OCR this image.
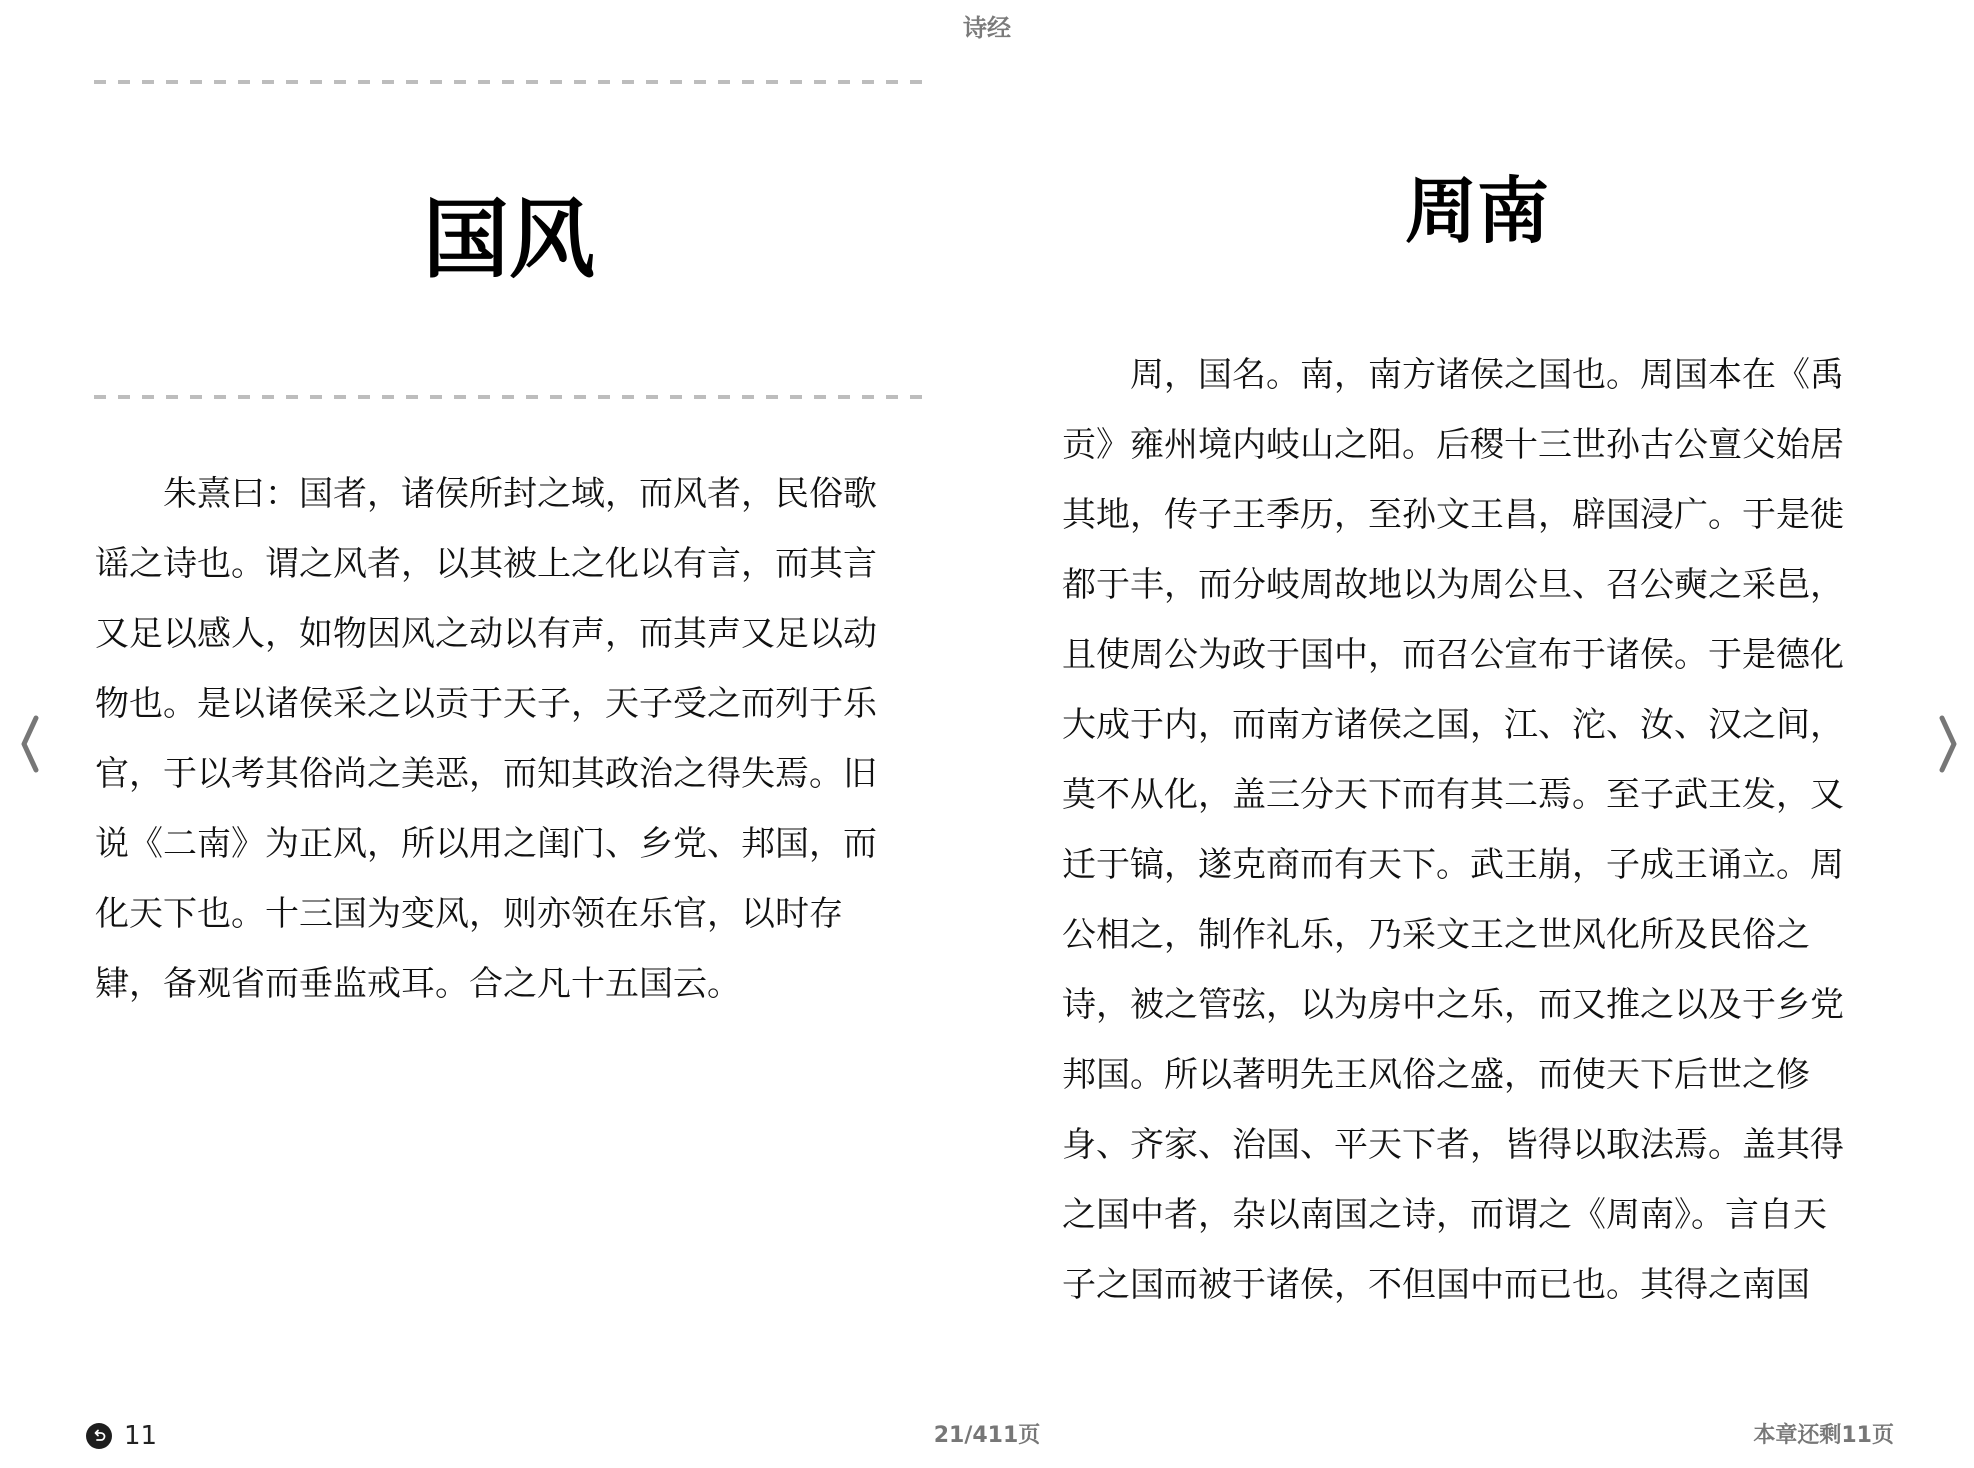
诗经
国风
　　朱熹曰：国者，诸侯所封之域，而风者，民俗歌
谣之诗也。谓之风者，以其被上之化以有言，而其言
又足以感人，如物因风之动以有声，而其声又足以动
物也。是以诸侯采之以贡于天子，天子受之而列于乐
官，于以考其俗尚之美恶，而知其政治之得失焉。旧
说《二南》为正风，所以用之闺门、乡党、邦国，而
化天下也。十三国为变风，则亦领在乐官，以时存
肄，备观省而垂监戒耳。合之凡十五国云。
周南
　　周，国名。南，南方诸侯之国也。周国本在《禹
贡》雍州境内岐山之阳。后稷十三世孙古公亶父始居
其地，传子王季历，至孙文王昌，辟国浸广。于是徙
都于丰，而分岐周故地以为周公旦、召公奭之采邑，
且使周公为政于国中，而召公宣布于诸侯。于是德化
大成于内，而南方诸侯之国，江、沱、汝、汉之间，
莫不从化，盖三分天下而有其二焉。至子武王发，又
迁于镐，遂克商而有天下。武王崩，子成王诵立。周
公相之，制作礼乐，乃采文王之世风化所及民俗之
诗，被之管弦，以为房中之乐，而又推之以及于乡党
邦国。所以著明先王风俗之盛，而使天下后世之修
身、齐家、治国、平天下者，皆得以取法焉。盖其得
之国中者，杂以南国之诗，而谓之《周南》。言自天
子之国而被于诸侯，不但国中而已也。其得之南国
11	21/411页	本章还剩11页
